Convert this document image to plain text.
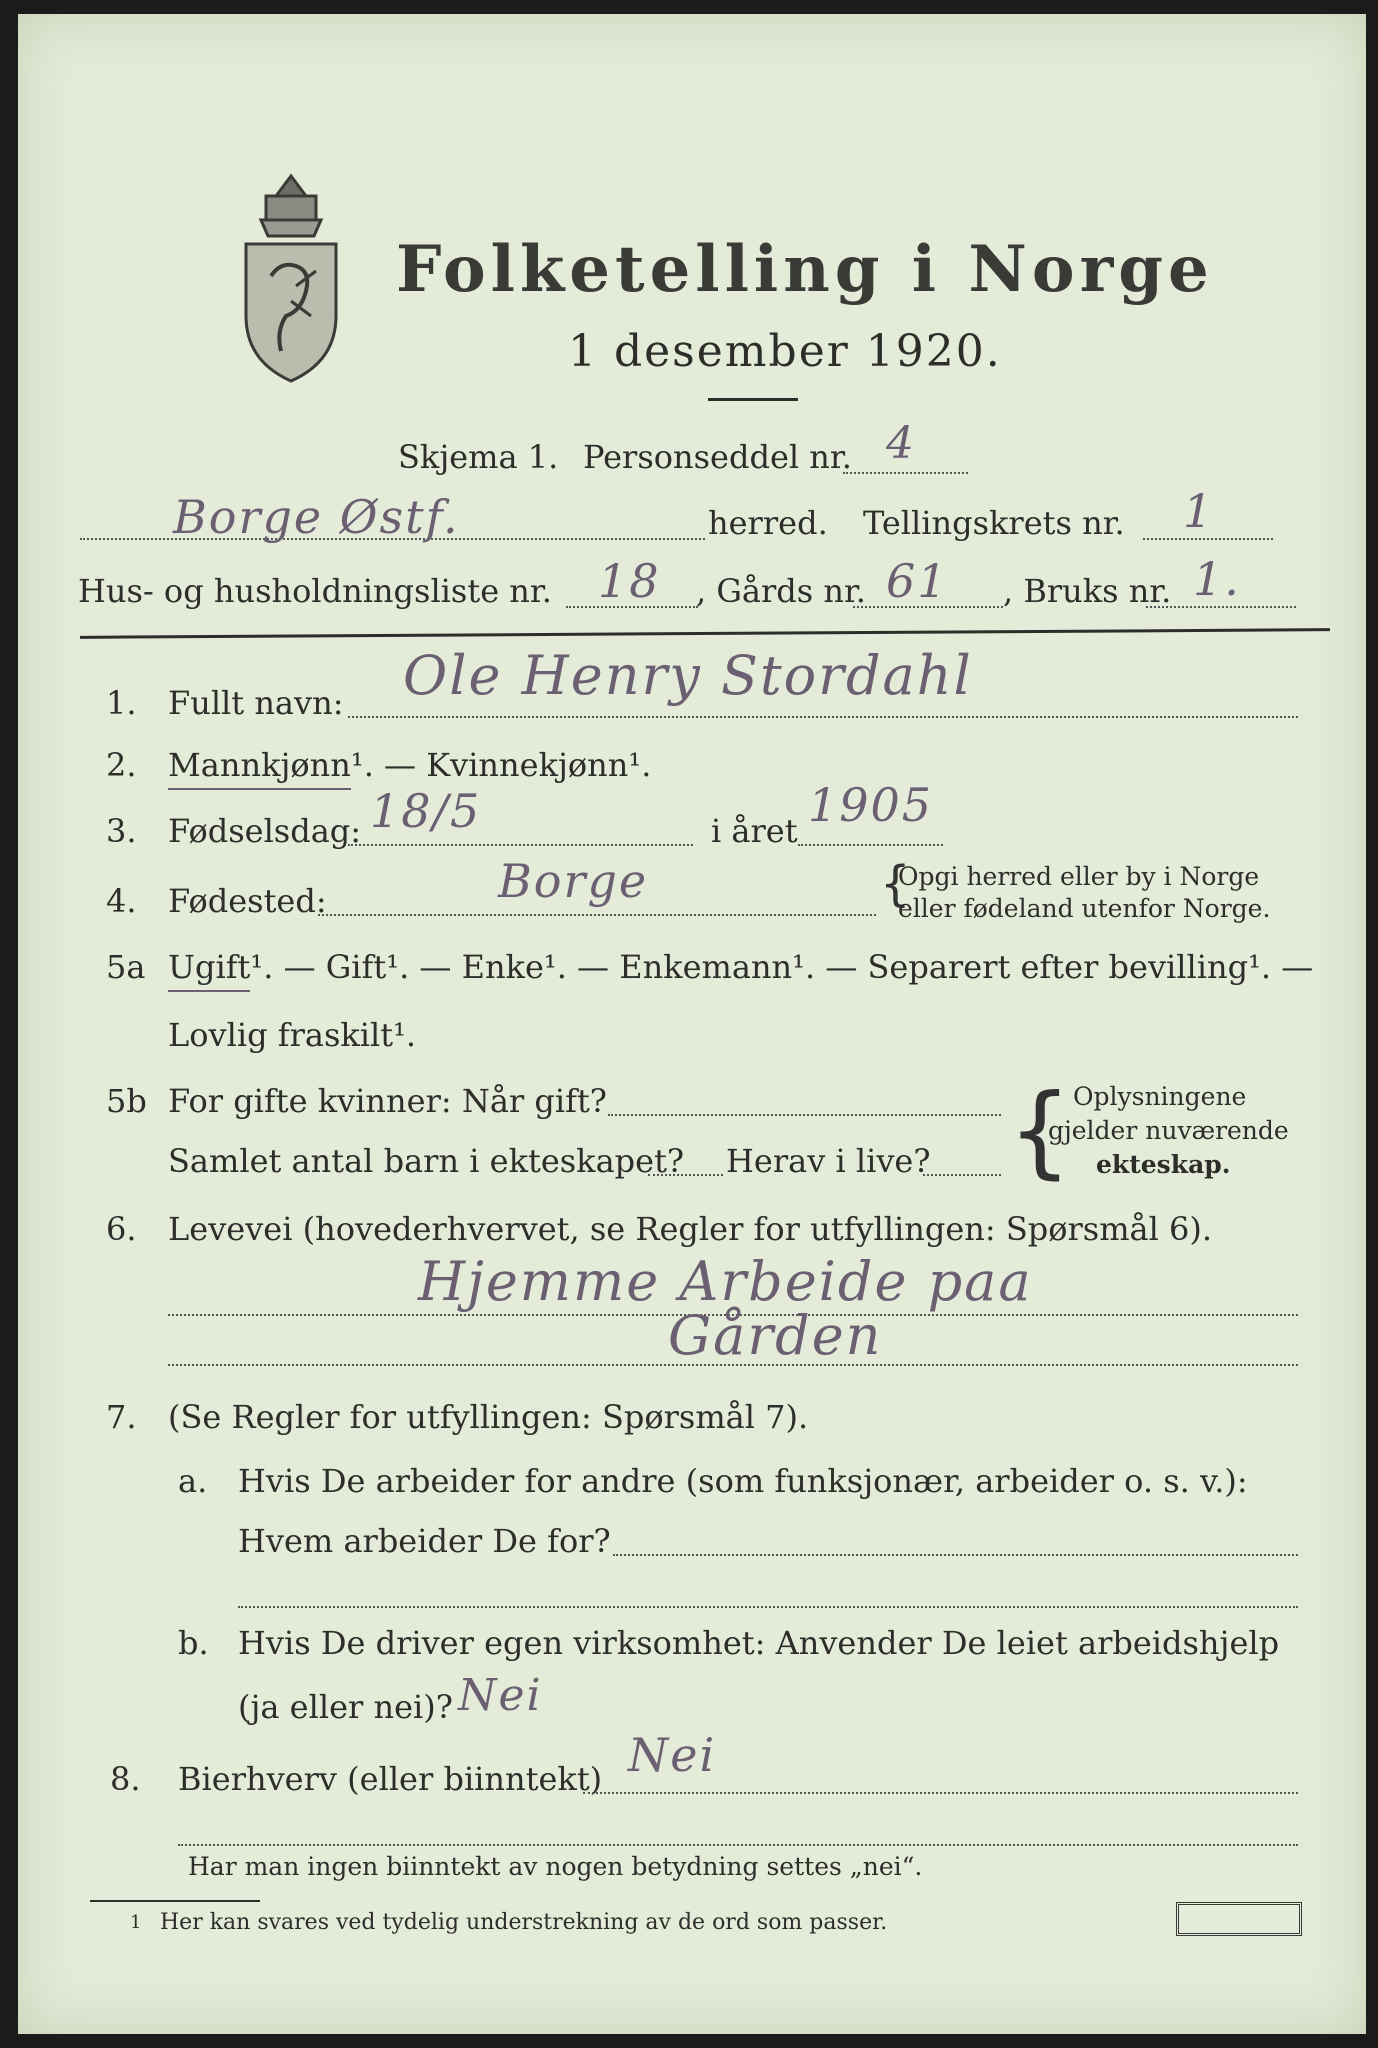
Folketelling i Norge
1 desember 1920.
Skjema 1. Personseddel nr. 4
Borge Østf.	herred. Tellingskrets nr. 1
Hus- og husholdningsliste nr. 18 , Gårds nr. 61 , Bruks nr. 1.
1. Fullt navn: Ole Henry Stordahl
2. Mannkjønn¹. — Kvinnekjønn¹.
3. Fødselsdag: 18/5	i året 1905
4. Fødested:	Borge	{
Opgi herred eller by i Norge
eller fødeland utenfor Norge.
5a Ugift¹. — Gift¹. — Enke¹. — Enkemann¹. — Separert efter bevilling¹. —
Lovlig fraskilt¹.
5b For gifte kvinner: Når gift?
Samlet antal barn i ekteskapet? Herav i live? { Oplysningene
gjelder nuværende
ekteskap.
6. Levevei (hovederhvervet, se Regler for utfyllingen: Spørsmål 6).
Hjemme Arbeide paa
Gården
7. (Se Regler for utfyllingen: Spørsmål 7).
a. Hvis De arbeider for andre (som funksjonær, arbeider o. s. v.):
Hvem arbeider De for?
b. Hvis De driver egen virksomhet: Anvender De leiet arbeidshjelp
(ja eller nei)? Nei
8. Bierhverv (eller biinntekt) Nei
Har man ingen biinntekt av nogen betydning settes „nei“.
1 Her kan svares ved tydelig understrekning av de ord som passer.
